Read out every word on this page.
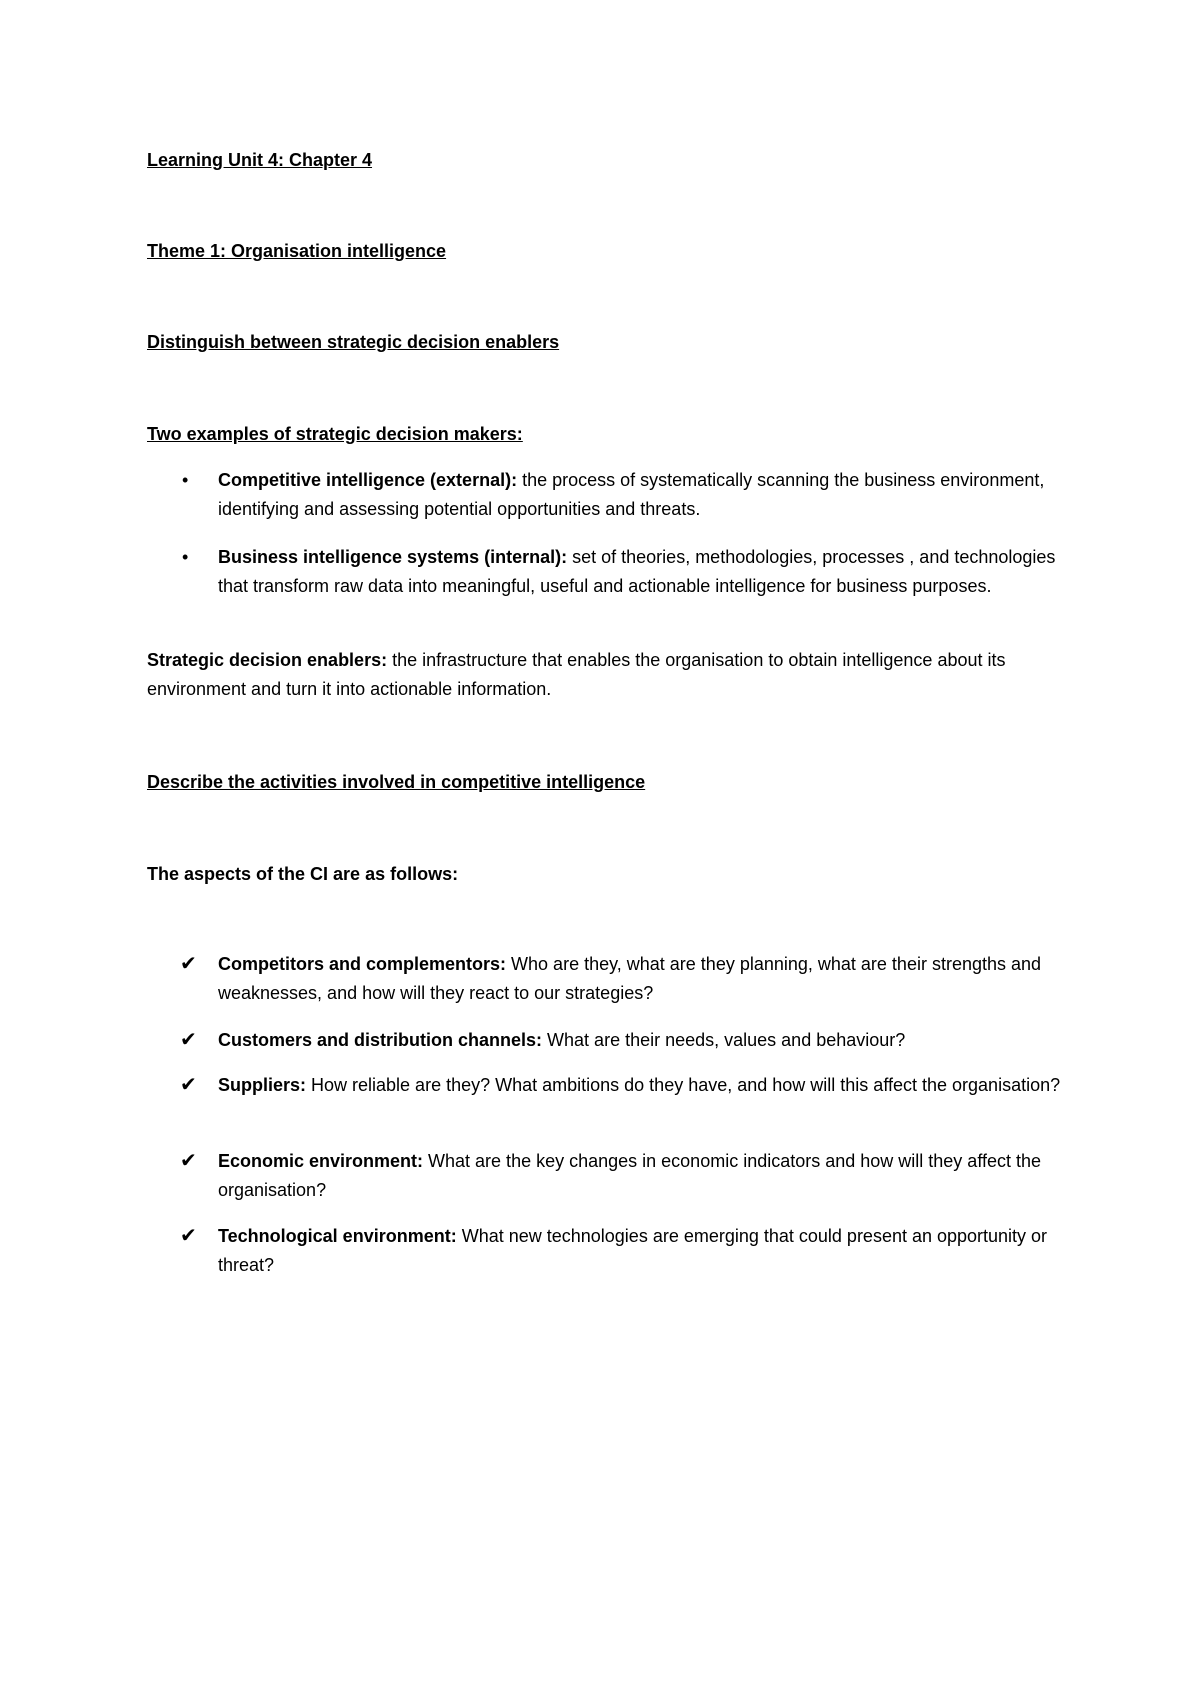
Learning Unit 4: Chapter 4
Theme 1: Organisation intelligence
Distinguish between strategic decision enablers
Two examples of strategic decision makers:
•	Competitive intelligence (external): the process of systematically scanning the business environment, identifying and assessing potential opportunities and threats.
•	Business intelligence systems (internal): set of theories, methodologies, processes , and technologies that transform raw data into meaningful, useful and actionable intelligence for business purposes.
Strategic decision enablers: the infrastructure that enables the organisation to obtain intelligence about its environment and turn it into actionable information.
Describe the activities involved in competitive intelligence
The aspects of the CI are as follows:
✔ Competitors and complementors: Who are they, what are they planning, what are their strengths and weaknesses, and how will they react to our strategies?
✔ Customers and distribution channels: What are their needs, values and behaviour?
✔ Suppliers: How reliable are they? What ambitions do they have, and how will this affect the organisation?
✔ Economic environment: What are the key changes in economic indicators and how will they affect the organisation?
✔ Technological environment: What new technologies are emerging that could present an opportunity or threat?
